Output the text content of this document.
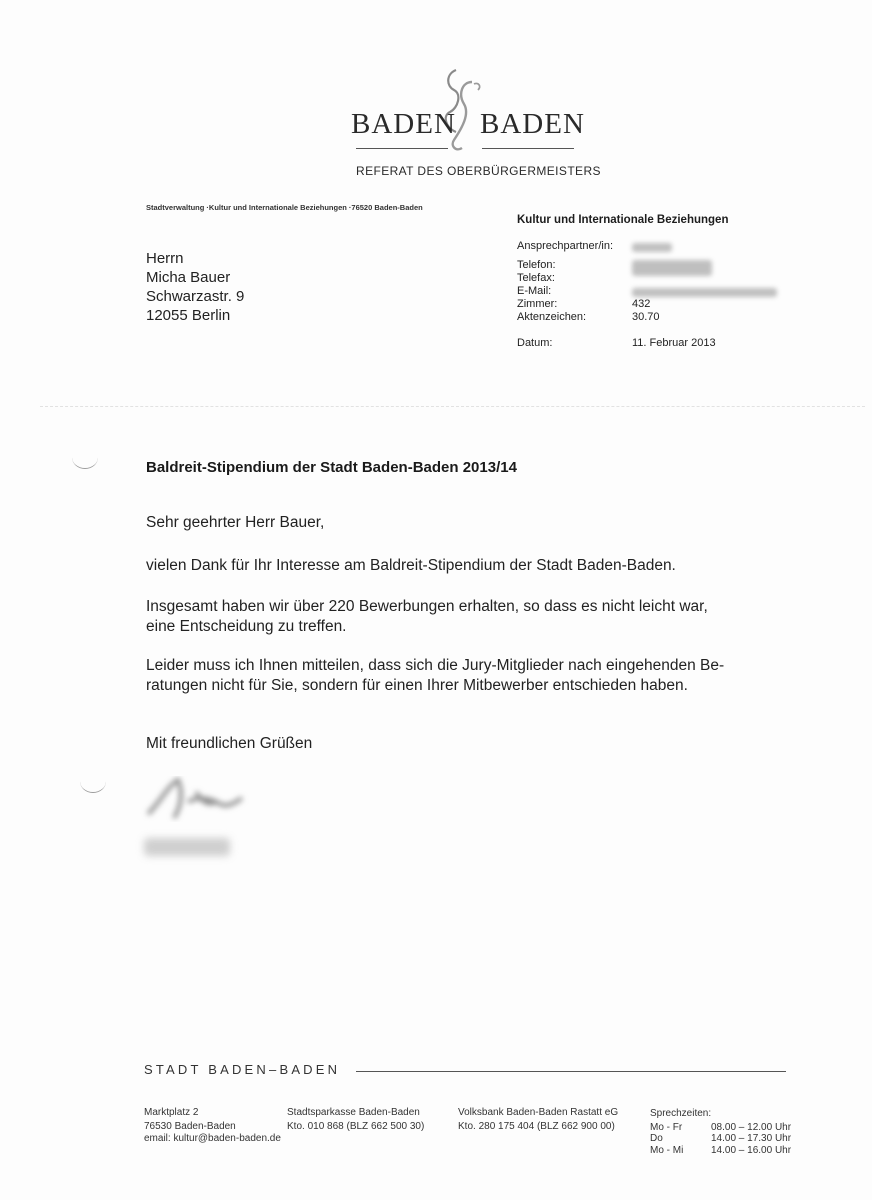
BADEN BADEN
REFERAT DES OBERBÜRGERMEISTERS
Stadtverwaltung ·Kultur und Internationale Beziehungen ·76520 Baden-Baden
Herrn
Micha Bauer
Schwarzastr. 9
12055 Berlin
Kultur und Internationale Beziehungen
Ansprechpartner/in:
Telefon:
Telefax:
E-Mail:
Zimmer:	432
Aktenzeichen:	30.70
Datum:	11. Februar 2013
Baldreit-Stipendium der Stadt Baden-Baden 2013/14
Sehr geehrter Herr Bauer,
vielen Dank für Ihr Interesse am Baldreit-Stipendium der Stadt Baden-Baden.
Insgesamt haben wir über 220 Bewerbungen erhalten, so dass es nicht leicht war,
eine Entscheidung zu treffen.
Leider muss ich Ihnen mitteilen, dass sich die Jury-Mitglieder nach eingehenden Be-
ratungen nicht für Sie, sondern für einen Ihrer Mitbewerber entschieden haben.
Mit freundlichen Grüßen
STADT BADEN–BADEN
Marktplatz 2
76530 Baden-Baden
email: kultur@baden-baden.de
Stadtsparkasse Baden-Baden
Kto. 010 868 (BLZ 662 500 30)
Volksbank Baden-Baden Rastatt eG
Kto. 280 175 404 (BLZ 662 900 00)
Sprechzeiten:
Mo - Fr	08.00 – 12.00 Uhr
Do	14.00 – 17.30 Uhr
Mo - Mi	14.00 – 16.00 Uhr
